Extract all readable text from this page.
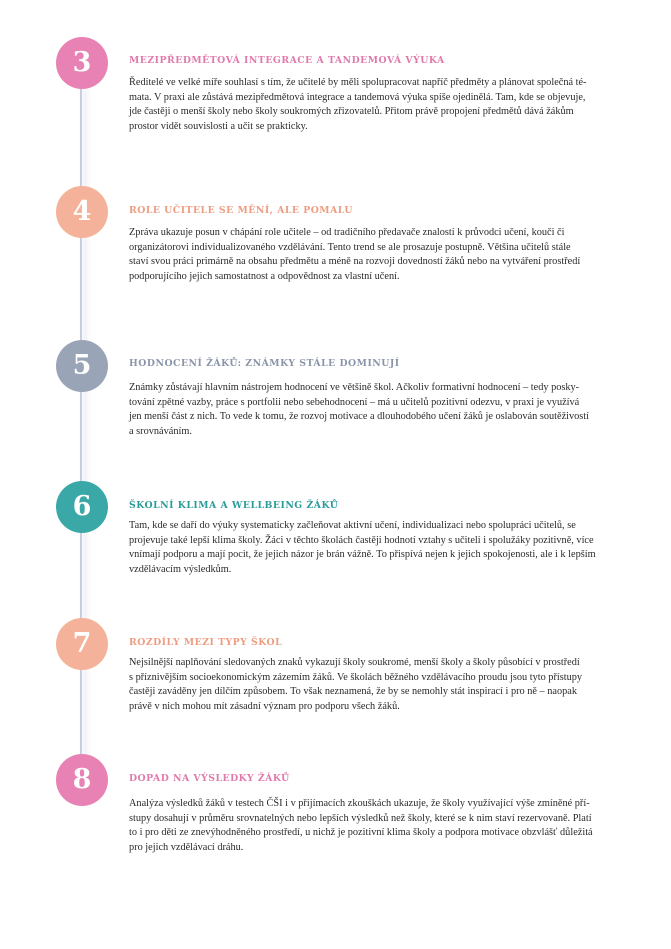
3	MEZIPŘEDMĚTOVÁ INTEGRACE A TANDEMOVÁ VÝUKA
Ředitelé ve velké míře souhlasí s tím, že učitelé by měli spolupracovat napříč předměty a plánovat společná té-
mata. V praxi ale zůstává mezipředmětová integrace a tandemová výuka spíše ojedinělá. Tam, kde se objevuje,
jde častěji o menší školy nebo školy soukromých zřizovatelů. Přitom právě propojení předmětů dává žákům
prostor vidět souvislosti a učit se prakticky.
4	ROLE UČITELE SE MĚNÍ, ALE POMALU
Zpráva ukazuje posun v chápání role učitele – od tradičního předavače znalostí k průvodci učení, kouči či
organizátorovi individualizovaného vzdělávání. Tento trend se ale prosazuje postupně. Většina učitelů stále
staví svou práci primárně na obsahu předmětu a méně na rozvoji dovedností žáků nebo na vytváření prostředí
podporujícího jejich samostatnost a odpovědnost za vlastní učení.
5	HODNOCENÍ ŽÁKŮ: ZNÁMKY STÁLE DOMINUJÍ
Známky zůstávají hlavním nástrojem hodnocení ve většině škol. Ačkoliv formativní hodnocení – tedy posky-
tování zpětné vazby, práce s portfolii nebo sebehodnocení – má u učitelů pozitivní odezvu, v praxi je využívá
jen menší část z nich. To vede k tomu, že rozvoj motivace a dlouhodobého učení žáků je oslabován soutěživostí
a srovnáváním.
6	ŠKOLNÍ KLIMA A WELLBEING ŽÁKŮ
Tam, kde se daří do výuky systematicky začleňovat aktivní učení, individualizaci nebo spolupráci učitelů, se
projevuje také lepší klima školy. Žáci v těchto školách častěji hodnotí vztahy s učiteli i spolužáky pozitivně, více
vnímají podporu a mají pocit, že jejich názor je brán vážně. To přispívá nejen k jejich spokojenosti, ale i k lepším
vzdělávacím výsledkům.
7	ROZDÍLY MEZI TYPY ŠKOL
Nejsilnější naplňování sledovaných znaků vykazují školy soukromé, menší školy a školy působící v prostředí
s příznivějším socioekonomickým zázemím žáků. Ve školách běžného vzdělávacího proudu jsou tyto přístupy
častěji zaváděny jen dílčím způsobem. To však neznamená, že by se nemohly stát inspirací i pro ně – naopak
právě v nich mohou mít zásadní význam pro podporu všech žáků.
8	DOPAD NA VÝSLEDKY ŽÁKŮ
Analýza výsledků žáků v testech ČŠI i v přijímacích zkouškách ukazuje, že školy využívající výše zmíněné pří-
stupy dosahují v průměru srovnatelných nebo lepších výsledků než školy, které se k nim staví rezervovaně. Platí
to i pro děti ze znevýhodněného prostředí, u nichž je pozitivní klima školy a podpora motivace obzvlášť důležitá
pro jejich vzdělávací dráhu.
